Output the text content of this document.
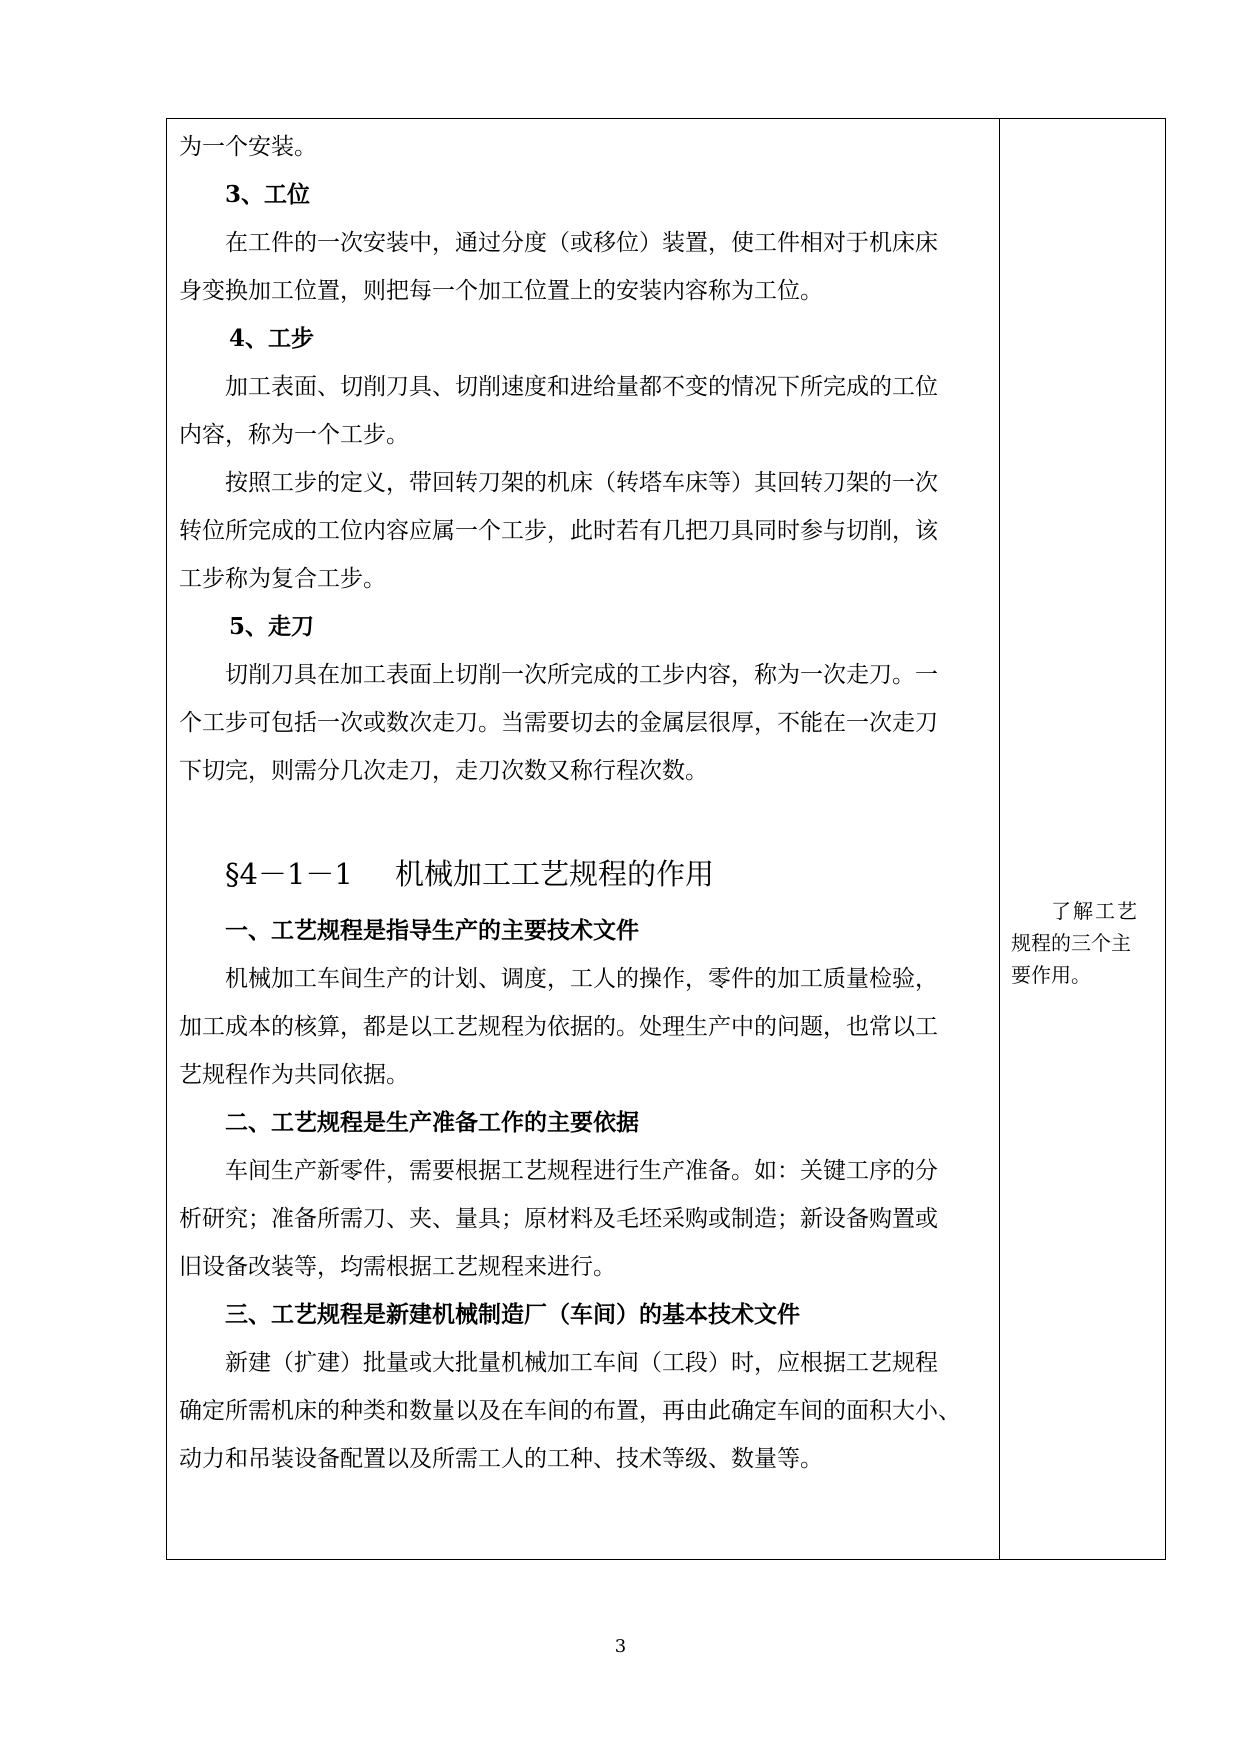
为一个安装。

3、工位

在工件的一次安装中，通过分度（或移位）装置，使工件相对于机床床

身变换加工位置，则把每一个加工位置上的安装内容称为工位。

4、工步

加工表面、切削刀具、切削速度和进给量都不变的情况下所完成的工位

内容，称为一个工步。

按照工步的定义，带回转刀架的机床（转塔车床等）其回转刀架的一次

转位所完成的工位内容应属一个工步，此时若有几把刀具同时参与切削，该

工步称为复合工步。

5、走刀

切削刀具在加工表面上切削一次所完成的工步内容，称为一次走刀。一

个工步可包括一次或数次走刀。当需要切去的金属层很厚，不能在一次走刀

下切完，则需分几次走刀，走刀次数又称行程次数。

§4－1－1 机械加工工艺规程的作用

一、工艺规程是指导生产的主要技术文件

机械加工车间生产的计划、调度，工人的操作，零件的加工质量检验，

加工成本的核算，都是以工艺规程为依据的。处理生产中的问题，也常以工

艺规程作为共同依据。

二、工艺规程是生产准备工作的主要依据

车间生产新零件，需要根据工艺规程进行生产准备。如：关键工序的分

析研究；准备所需刀、夹、量具；原材料及毛坯采购或制造；新设备购置或

旧设备改装等，均需根据工艺规程来进行。

三、工艺规程是新建机械制造厂（车间）的基本技术文件

新建（扩建）批量或大批量机械加工车间（工段）时，应根据工艺规程

确定所需机床的种类和数量以及在车间的布置，再由此确定车间的面积大小、

动力和吊装设备配置以及所需工人的工种、技术等级、数量等。

了解工艺
规程的三个主
要作用。

3
